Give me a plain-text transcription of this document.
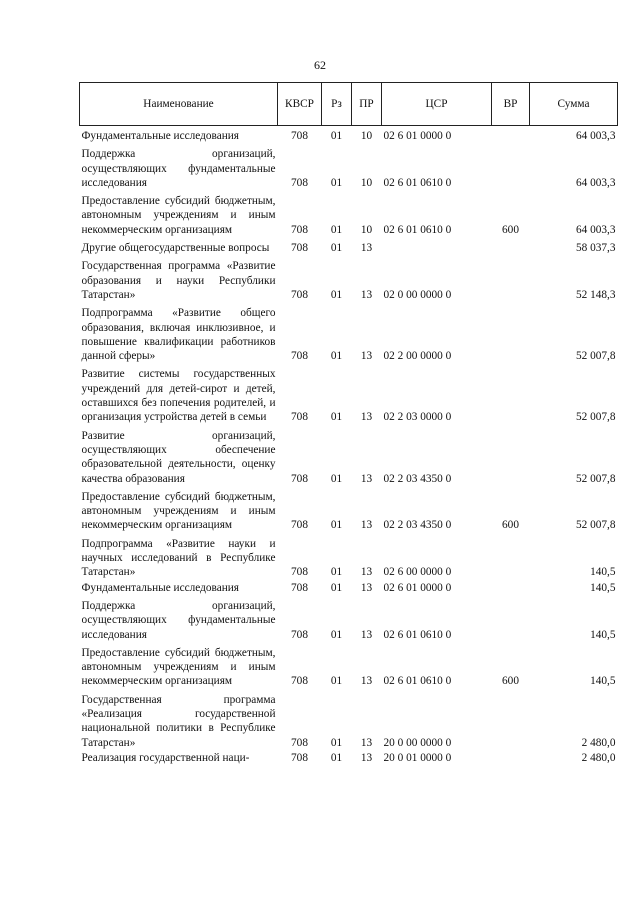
62
Наименование	КВСР	Рз	ПР	ЦСР	ВР	Сумма
Фундаментальные исследования	708	01	10	02 6 01 0000 0		64 003,3
Поддержка организаций, осуществляющих фундаментальные исследования	708	01	10	02 6 01 0610 0		64 003,3
Предоставление субсидий бюджетным, автономным учреждениям и иным некоммерческим организациям	708	01	10	02 6 01 0610 0	600	64 003,3
Другие общегосударственные вопросы	708	01	13			58 037,3
Государственная программа «Развитие образования и науки Республики Татарстан»	708	01	13	02 0 00 0000 0		52 148,3
Подпрограмма «Развитие общего образования, включая инклюзивное, и повышение квалификации работников данной сферы»	708	01	13	02 2 00 0000 0		52 007,8
Развитие системы государственных учреждений для детей-сирот и детей, оставшихся без попечения родителей, и организация устройства детей в семьи	708	01	13	02 2 03 0000 0		52 007,8
Развитие организаций, осуществляющих обеспечение образовательной деятельности, оценку качества образования	708	01	13	02 2 03 4350 0		52 007,8
Предоставление субсидий бюджетным, автономным учреждениям и иным некоммерческим организациям	708	01	13	02 2 03 4350 0	600	52 007,8
Подпрограмма «Развитие науки и научных исследований в Республике Татарстан»	708	01	13	02 6 00 0000 0		140,5
Фундаментальные исследования	708	01	13	02 6 01 0000 0		140,5
Поддержка организаций, осуществляющих фундаментальные исследования	708	01	13	02 6 01 0610 0		140,5
Предоставление субсидий бюджетным, автономным учреждениям и иным некоммерческим организациям	708	01	13	02 6 01 0610 0	600	140,5
Государственная программа «Реализация государственной национальной политики в Республике Татарстан»	708	01	13	20 0 00 0000 0		2 480,0
Реализация государственной наци-	708	01	13	20 0 01 0000 0		2 480,0
